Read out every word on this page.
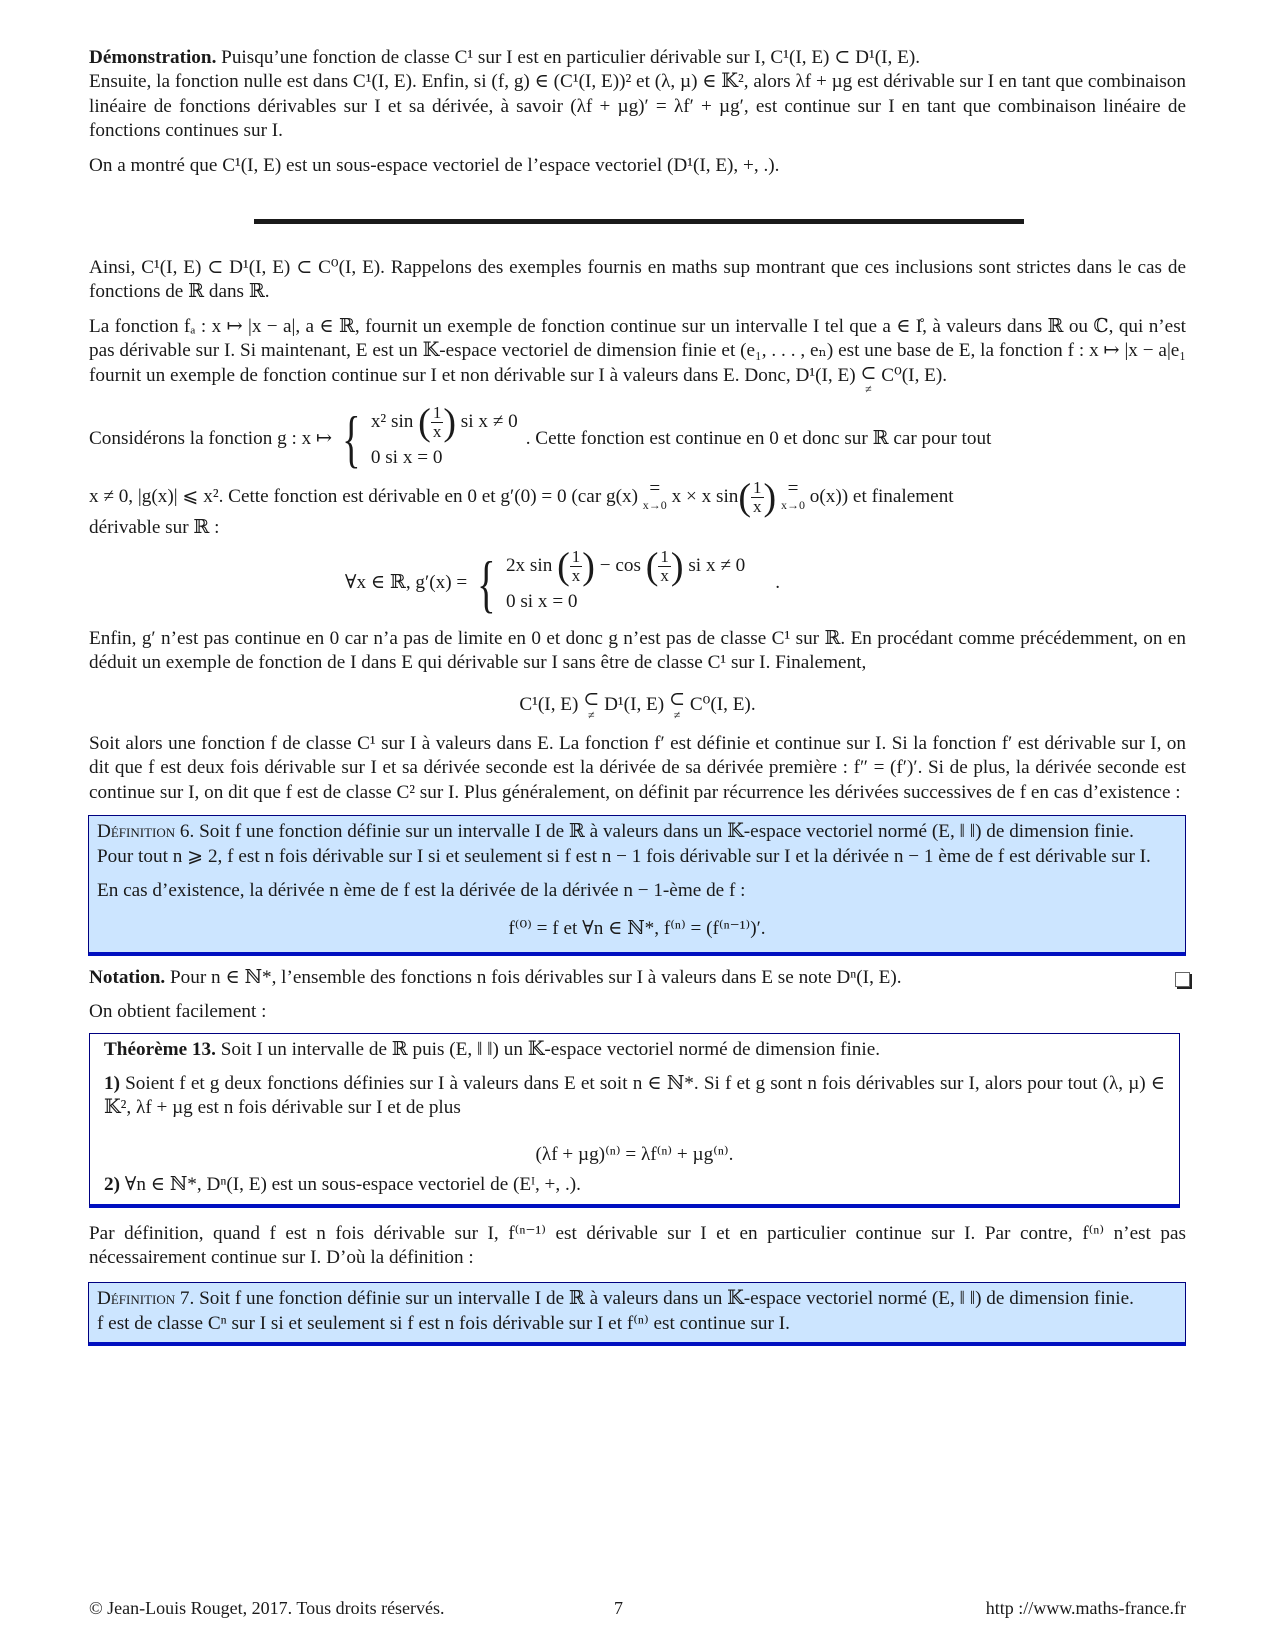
Démonstration. Puisqu’une fonction de classe C¹ sur I est en particulier dérivable sur I, C¹(I, E) ⊂ D¹(I, E).

Ensuite, la fonction nulle est dans C¹(I, E). Enfin, si (f, g) ∈ (C¹(I, E))² et (λ, µ) ∈ 𝕂², alors λf + µg est dérivable sur I en tant que combinaison linéaire de fonctions dérivables sur I et sa dérivée, à savoir (λf + µg)′ = λf′ + µg′, est continue sur I en tant que combinaison linéaire de fonctions continues sur I.

On a montré que C¹(I, E) est un sous-espace vectoriel de l’espace vectoriel (D¹(I, E), +, .).

Ainsi, C¹(I, E) ⊂ D¹(I, E) ⊂ C⁰(I, E). Rappelons des exemples fournis en maths sup montrant que ces inclusions sont strictes dans le cas de fonctions de ℝ dans ℝ.

La fonction fₐ : x ↦ |x − a|, a ∈ ℝ, fournit un exemple de fonction continue sur un intervalle I tel que a ∈ I̊, à valeurs dans ℝ ou ℂ, qui n’est pas dérivable sur I. Si maintenant, E est un 𝕂-espace vectoriel de dimension finie et (e₁, . . . , eₙ) est une base de E, la fonction f : x ↦ |x − a|e₁ fournit un exemple de fonction continue sur I et non dérivable sur I à valeurs dans E. Donc, D¹(I, E) ⊂
≠
C⁰(I, E).

Considérons la fonction g : x ↦ { x² sin ( $\frac{1}{x}$ ) si x ≠ 0
0 si x = 0
. Cette fonction est continue en 0 et donc sur ℝ car pour tout

x ≠ 0, |g(x)| ⩽ x². Cette fonction est dérivable en 0 et g′(0) = 0 (car g(x) =
x→0 x × x $\sin( \frac{1}{x}$ ) =
x→0 o(x)) et finalement

dérivable sur ℝ :

∀x ∈ ℝ, g′(x) = { 2x sin ( $\frac{1}{x}$ ) − cos ( $\frac{1}{x}$ ) si x ≠ 0
0 si x = 0
.

Enfin, g′ n’est pas continue en 0 car n’a pas de limite en 0 et donc g n’est pas de classe C¹ sur ℝ. En procédant comme précédemment, on en déduit un exemple de fonction de I dans E qui dérivable sur I sans être de classe C¹ sur I. Finalement,

C¹(I, E)
⊂
≠

D¹(I, E)
⊂
≠

C⁰(I, E).

Soit alors une fonction f de classe C¹ sur I à valeurs dans E. La fonction f′ est définie et continue sur I. Si la fonction f′ est dérivable sur I, on dit que f est deux fois dérivable sur I et sa dérivée seconde est la dérivée de sa dérivée première : f″ = (f′)′. Si de plus, la dérivée seconde est continue sur I, on dit que f est de classe C² sur I. Plus généralement, on définit par récurrence les dérivées successives de f en cas d’existence :

Définition 6. Soit f une fonction définie sur un intervalle I de ℝ à valeurs dans un 𝕂-espace vectoriel normé (E, ‖ ‖) de dimension finie.

Pour tout n ⩾ 2, f est n fois dérivable sur I si et seulement si f est n − 1 fois dérivable sur I et la dérivée n − 1 ème de f est dérivable sur I.

En cas d’existence, la dérivée n ème de f est la dérivée de la dérivée n − 1-ème de f :

f⁽⁰⁾ = f et ∀n ∈ ℕ*, f⁽ⁿ⁾ = (f⁽ⁿ⁻¹⁾)′.

Notation. Pour n ∈ ℕ*, l’ensemble des fonctions n fois dérivables sur I à valeurs dans E se note Dⁿ(I, E).

On obtient facilement :

Théorème 13. Soit I un intervalle de ℝ puis (E, ‖ ‖) un 𝕂-espace vectoriel normé de dimension finie.

1) Soient f et g deux fonctions définies sur I à valeurs dans E et soit n ∈ ℕ*. Si f et g sont n fois dérivables sur I, alors pour tout (λ, µ) ∈ 𝕂², λf + µg est n fois dérivable sur I et de plus

(λf + µg)⁽ⁿ⁾ = λf⁽ⁿ⁾ + µg⁽ⁿ⁾.

2) ∀n ∈ ℕ*, Dⁿ(I, E) est un sous-espace vectoriel de (Eᴵ, +, .).

Par définition, quand f est n fois dérivable sur I, f⁽ⁿ⁻¹⁾ est dérivable sur I et en particulier continue sur I. Par contre, f⁽ⁿ⁾ n’est pas nécessairement continue sur I. D’où la définition :

Définition 7. Soit f une fonction définie sur un intervalle I de ℝ à valeurs dans un 𝕂-espace vectoriel normé (E, ‖ ‖) de dimension finie.

f est de classe Cⁿ sur I si et seulement si f est n fois dérivable sur I et f⁽ⁿ⁾ est continue sur I.

© Jean-Louis Rouget, 2017. Tous droits réservés.	7	http ://www.maths-france.fr
